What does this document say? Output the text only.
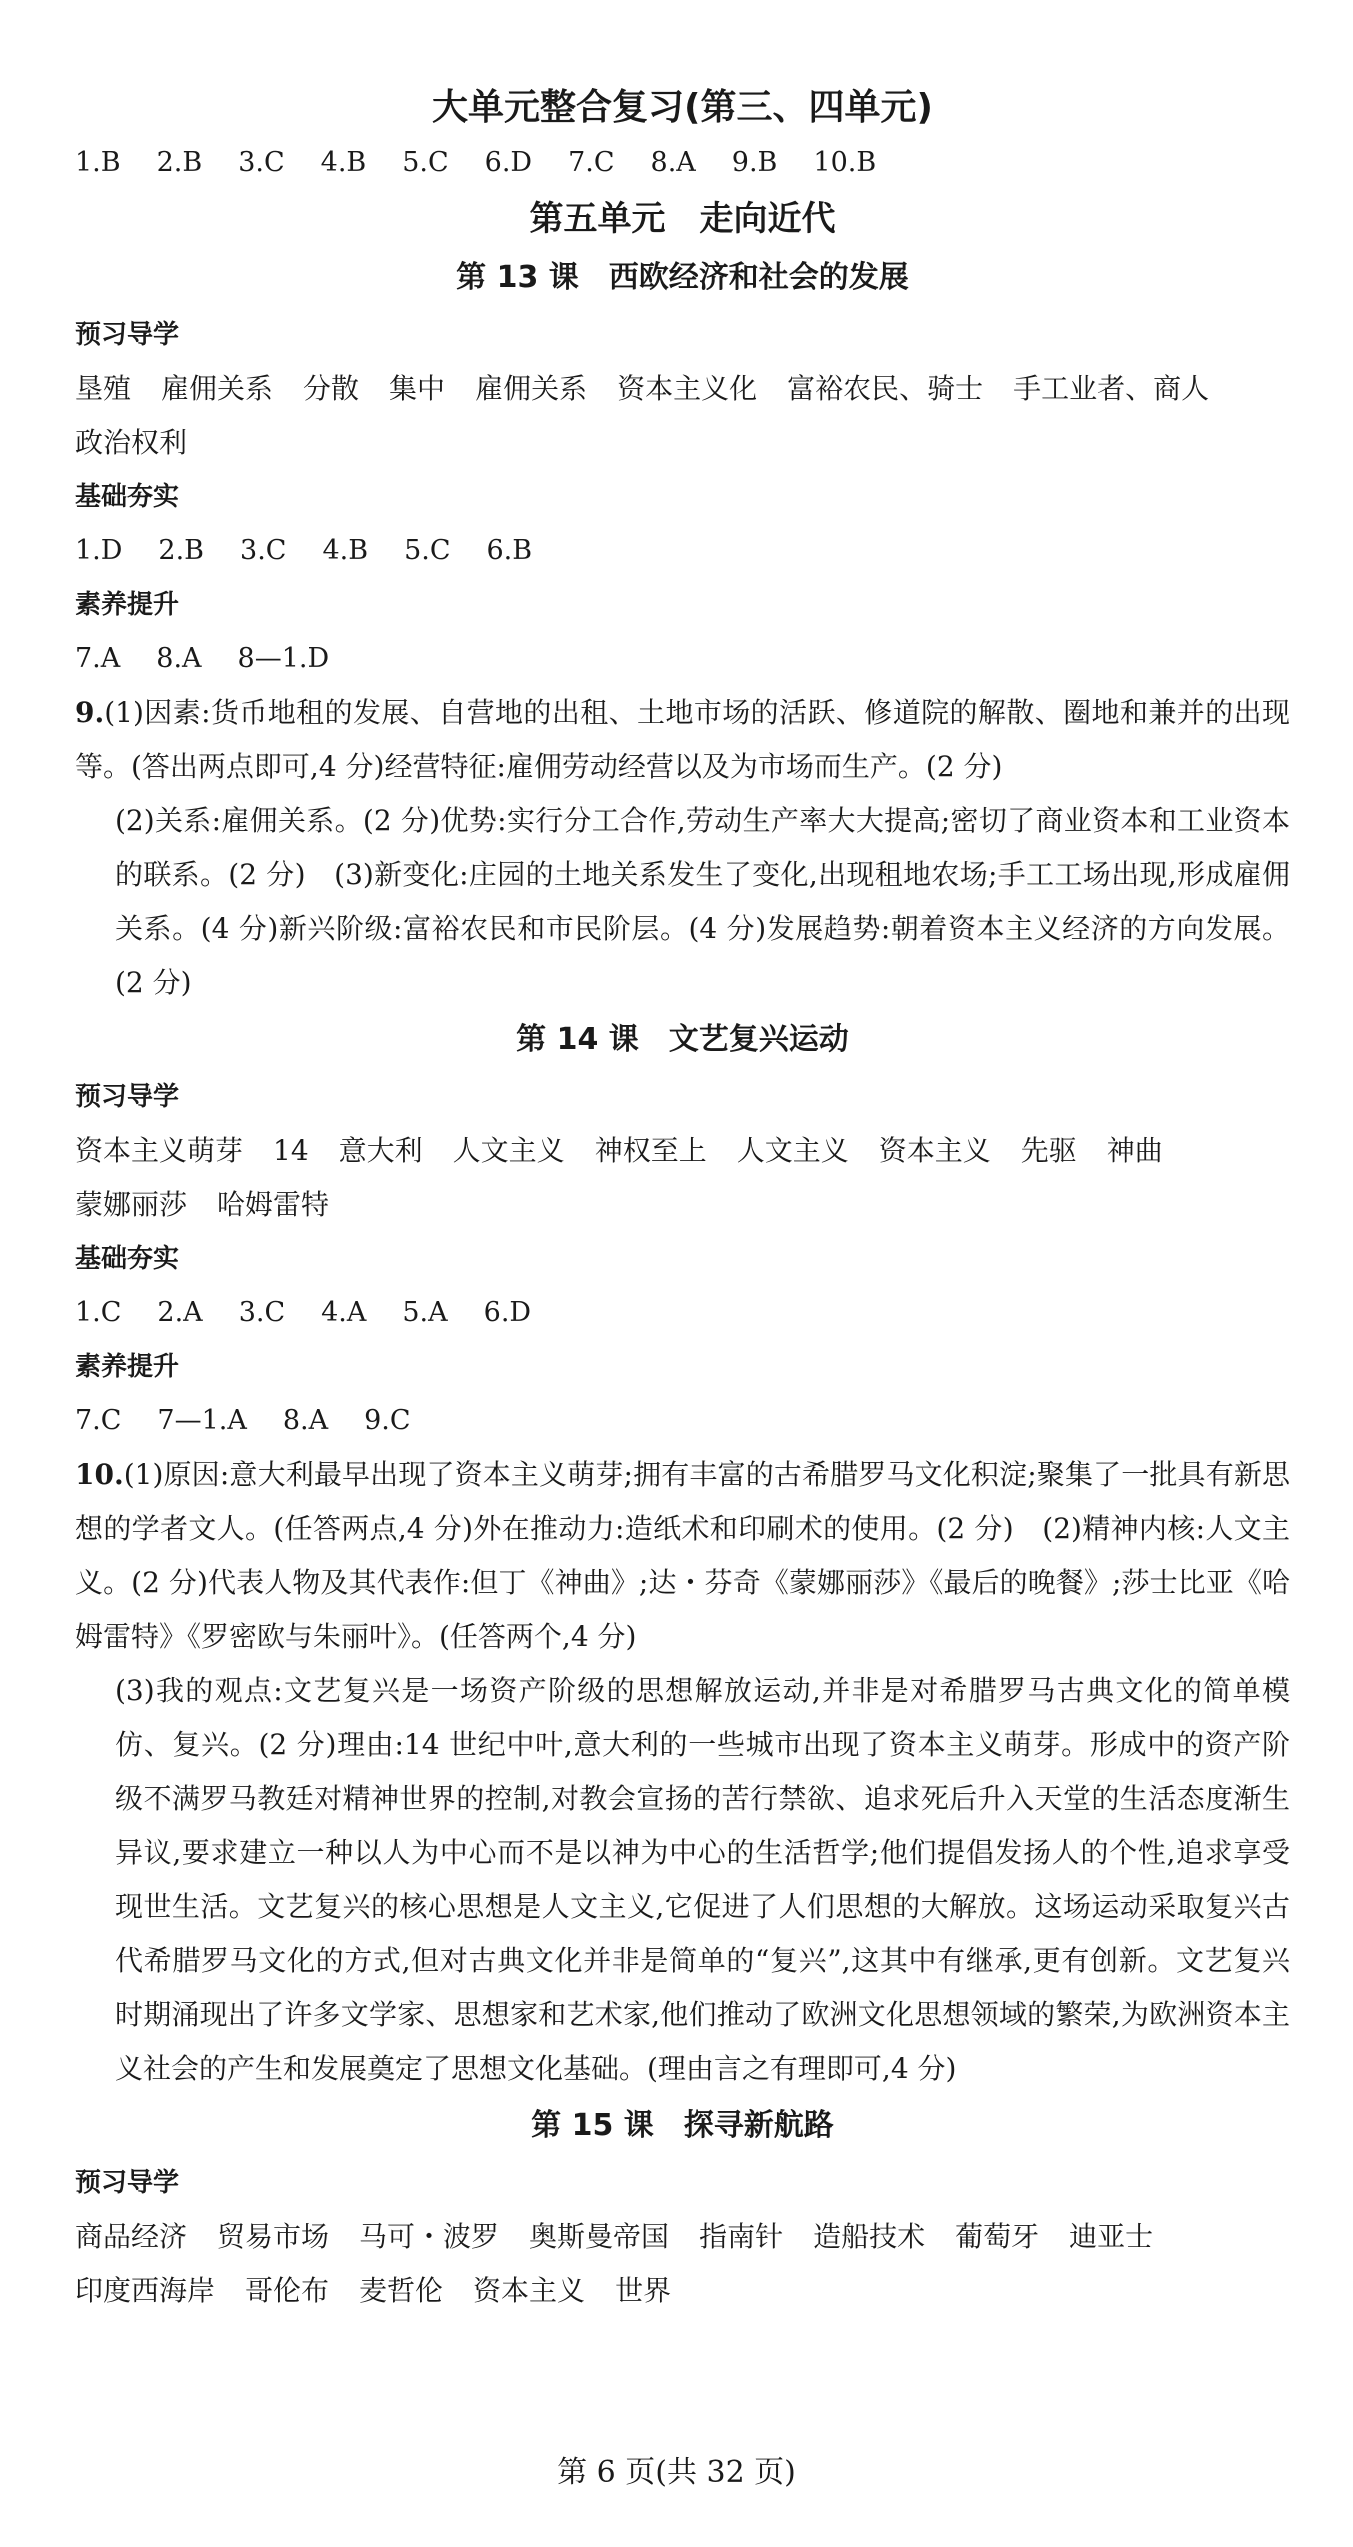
大单元整合复习(第三、四单元)

1.B 2.B 3.C 4.B 5.C 6.D 7.C 8.A 9.B 10.B

第五单元　走向近代

第 13 课　西欧经济和社会的发展

预习导学

垦殖 雇佣关系 分散 集中 雇佣关系 资本主义化 富裕农民、骑士 手工业者、商人

政治权利

基础夯实

1.D 2.B 3.C 4.B 5.C 6.B

素养提升

7.A 8.A 8—1.D

9.(1)因素:货币地租的发展、自营地的出租、土地市场的活跃、修道院的解散、圈地和兼并的出现等。(答出两点即可,4 分)经营特征:雇佣劳动经营以及为市场而生产。(2 分)

(2)关系:雇佣关系。(2 分)优势:实行分工合作,劳动生产率大大提高;密切了商业资本和工业资本的联系。(2 分)　(3)新变化:庄园的土地关系发生了变化,出现租地农场;手工工场出现,形成雇佣关系。(4 分)新兴阶级:富裕农民和市民阶层。(4 分)发展趋势:朝着资本主义经济的方向发展。(2 分)

第 14 课　文艺复兴运动

预习导学

资本主义萌芽 14 意大利 人文主义 神权至上 人文主义 资本主义 先驱 神曲

蒙娜丽莎 哈姆雷特

基础夯实

1.C 2.A 3.C 4.A 5.A 6.D

素养提升

7.C 7—1.A 8.A 9.C

10.(1)原因:意大利最早出现了资本主义萌芽;拥有丰富的古希腊罗马文化积淀;聚集了一批具有新思想的学者文人。(任答两点,4 分)外在推动力:造纸术和印刷术的使用。(2 分)　(2)精神内核:人文主义。(2 分)代表人物及其代表作:但丁《神曲》;达・芬奇《蒙娜丽莎》《最后的晚餐》;莎士比亚《哈姆雷特》《罗密欧与朱丽叶》。(任答两个,4 分)

(3)我的观点:文艺复兴是一场资产阶级的思想解放运动,并非是对希腊罗马古典文化的简单模仿、复兴。(2 分)理由:14 世纪中叶,意大利的一些城市出现了资本主义萌芽。形成中的资产阶级不满罗马教廷对精神世界的控制,对教会宣扬的苦行禁欲、追求死后升入天堂的生活态度渐生异议,要求建立一种以人为中心而不是以神为中心的生活哲学;他们提倡发扬人的个性,追求享受现世生活。文艺复兴的核心思想是人文主义,它促进了人们思想的大解放。这场运动采取复兴古代希腊罗马文化的方式,但对古典文化并非是简单的“复兴”,这其中有继承,更有创新。文艺复兴时期涌现出了许多文学家、思想家和艺术家,他们推动了欧洲文化思想领域的繁荣,为欧洲资本主义社会的产生和发展奠定了思想文化基础。(理由言之有理即可,4 分)

第 15 课　探寻新航路

预习导学

商品经济 贸易市场 马可・波罗 奥斯曼帝国 指南针 造船技术 葡萄牙 迪亚士

印度西海岸 哥伦布 麦哲伦 资本主义 世界

第 6 页(共 32 页)
